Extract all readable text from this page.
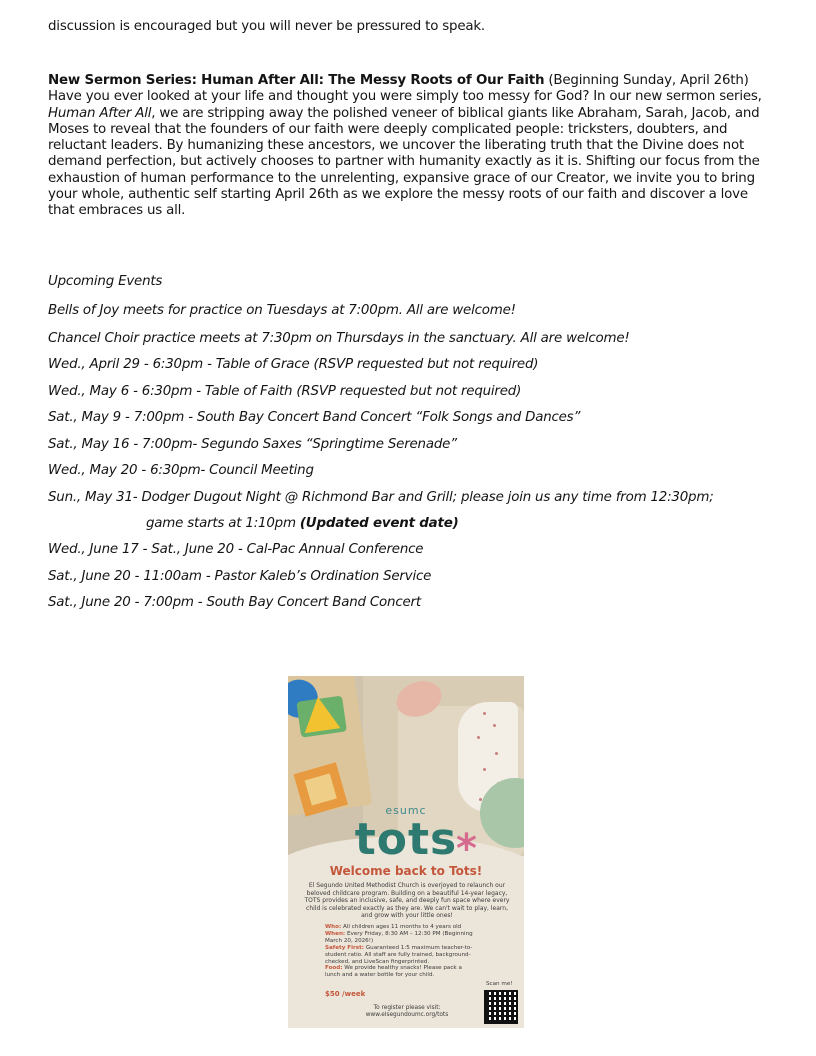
discussion is encouraged but you will never be pressured to speak.
New Sermon Series: Human After All: The Messy Roots of Our Faith (Beginning Sunday, April 26th)
Have you ever looked at your life and thought you were simply too messy for God? In our new sermon series, Human After All, we are stripping away the polished veneer of biblical giants like Abraham, Sarah, Jacob, and Moses to reveal that the founders of our faith were deeply complicated people: tricksters, doubters, and reluctant leaders. By humanizing these ancestors, we uncover the liberating truth that the Divine does not demand perfection, but actively chooses to partner with humanity exactly as it is. Shifting our focus from the exhaustion of human performance to the unrelenting, expansive grace of our Creator, we invite you to bring your whole, authentic self starting April 26th as we explore the messy roots of our faith and discover a love that embraces us all.
Upcoming Events
Bells of Joy meets for practice on Tuesdays at 7:00pm. All are welcome!
Chancel Choir practice meets at 7:30pm on Thursdays in the sanctuary. All are welcome!
Wed., April 29 - 6:30pm - Table of Grace (RSVP requested but not required)
Wed., May 6 - 6:30pm - Table of Faith (RSVP requested but not required)
Sat., May 9 - 7:00pm - South Bay Concert Band Concert “Folk Songs and Dances”
Sat., May 16 - 7:00pm- Segundo Saxes “Springtime Serenade”
Wed., May 20 - 6:30pm- Council Meeting
Sun., May 31- Dodger Dugout Night @ Richmond Bar and Grill; please join us any time from 12:30pm;
game starts at 1:10pm (Updated event date)
Wed., June 17 - Sat., June 20 - Cal-Pac Annual Conference
Sat., June 20 - 11:00am - Pastor Kaleb’s Ordination Service
Sat., June 20 - 7:00pm - South Bay Concert Band Concert
esumc
tots
*
Welcome back to Tots!
El Segundo United Methodist Church is overjoyed to relaunch our beloved childcare program. Building on a beautiful 14-year legacy, TOTS provides an inclusive, safe, and deeply fun space where every child is celebrated exactly as they are. We can't wait to play, learn, and grow with your little ones!
Who: All children ages 11 months to 4 years old
When: Every Friday, 8:30 AM – 12:30 PM (Beginning March 20, 2026!)
Safety First: Guaranteed 1:5 maximum teacher-to-student ratio. All staff are fully trained, background-checked, and LiveScan fingerprinted.
Food: We provide healthy snacks! Please pack a lunch and a water bottle for your child.
$50 /week
Scan me!
To register please visit:
www.elsegundoumc.org/tots
